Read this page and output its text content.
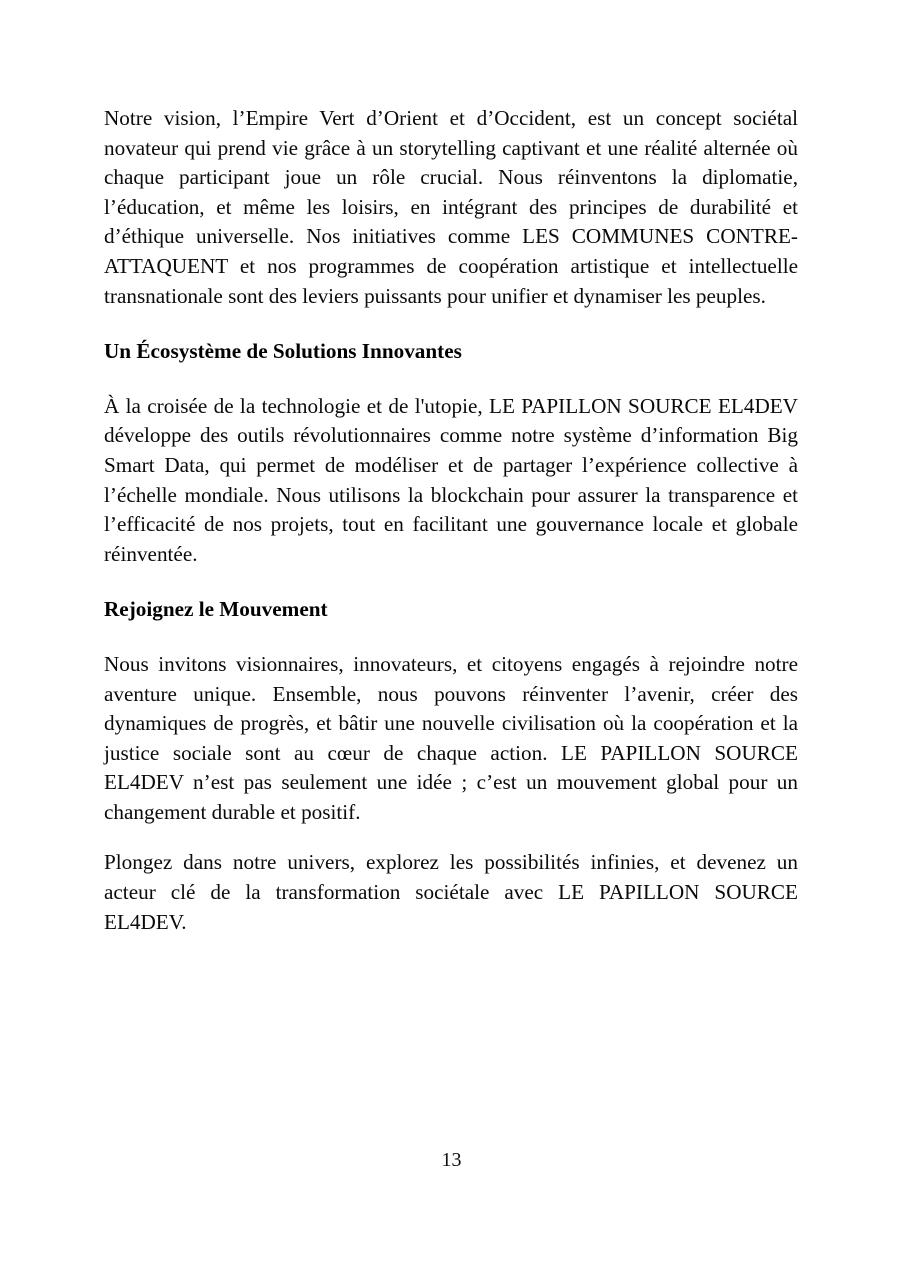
Notre vision, l’Empire Vert d’Orient et d’Occident, est un concept sociétal novateur qui prend vie grâce à un storytelling captivant et une réalité alternée où chaque participant joue un rôle crucial. Nous réinventons la diplomatie, l’éducation, et même les loisirs, en intégrant des principes de durabilité et d’éthique universelle. Nos initiatives comme LES COMMUNES CONTRE-ATTAQUENT et nos programmes de coopération artistique et intellectuelle transnationale sont des leviers puissants pour unifier et dynamiser les peuples.

Un Écosystème de Solutions Innovantes

À la croisée de la technologie et de l'utopie, LE PAPILLON SOURCE EL4DEV développe des outils révolutionnaires comme notre système d’information Big Smart Data, qui permet de modéliser et de partager l’expérience collective à l’échelle mondiale. Nous utilisons la blockchain pour assurer la transparence et l’efficacité de nos projets, tout en facilitant une gouvernance locale et globale réinventée.

Rejoignez le Mouvement

Nous invitons visionnaires, innovateurs, et citoyens engagés à rejoindre notre aventure unique. Ensemble, nous pouvons réinventer l’avenir, créer des dynamiques de progrès, et bâtir une nouvelle civilisation où la coopération et la justice sociale sont au cœur de chaque action. LE PAPILLON SOURCE EL4DEV n’est pas seulement une idée ; c’est un mouvement global pour un changement durable et positif.

Plongez dans notre univers, explorez les possibilités infinies, et devenez un acteur clé de la transformation sociétale avec LE PAPILLON SOURCE EL4DEV.

13
